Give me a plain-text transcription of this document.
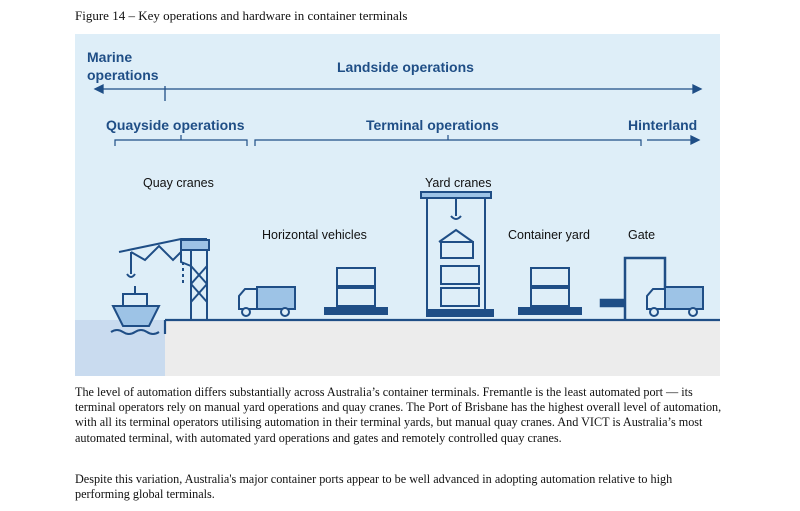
Figure 14 – Key operations and hardware in container terminals
Marine
operations	Landside operations
Quayside operations	Terminal operations	Hinterland
Quay cranes
Horizontal vehicles
Yard cranes
Container yard	Gate
The level of automation differs substantially across Australia’s container terminals. Fremantle is the least automated port — its terminal operators rely on manual yard operations and quay cranes. The Port of Brisbane has the highest overall level of automation, with all its terminal operators utilising automation in their terminal yards, but manual quay cranes. And VICT is Australia’s most automated terminal, with automated yard operations and gates and remotely controlled quay cranes.
Despite this variation, Australia's major container ports appear to be well advanced in adopting automation relative to high performing global terminals.
